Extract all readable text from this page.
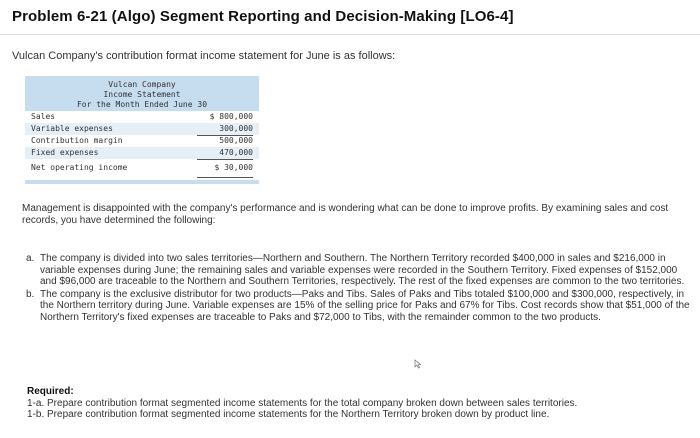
Problem 6-21 (Algo) Segment Reporting and Decision-Making [LO6-4]
Vulcan Company's contribution format income statement for June is as follows:
Vulcan Company
Income Statement
For the Month Ended June 30
Sales	$ 800,000
Variable expenses	300,000
Contribution margin	500,000
Fixed expenses	470,000
Net operating income	$ 30,000
Management is disappointed with the company's performance and is wondering what can be done to improve profits. By examining sales and cost records, you have determined the following:
a. The company is divided into two sales territories—Northern and Southern. The Northern Territory recorded $400,000 in sales and $216,000 in variable expenses during June; the remaining sales and variable expenses were recorded in the Southern Territory. Fixed expenses of $152,000 and $96,000 are traceable to the Northern and Southern Territories, respectively. The rest of the fixed expenses are common to the two territories.
b. The company is the exclusive distributor for two products—Paks and Tibs. Sales of Paks and Tibs totaled $100,000 and $300,000, respectively, in the Northern territory during June. Variable expenses are 15% of the selling price for Paks and 67% for Tibs. Cost records show that $51,000 of the Northern Territory's fixed expenses are traceable to Paks and $72,000 to Tibs, with the remainder common to the two products.
Required:
1-a. Prepare contribution format segmented income statements for the total company broken down between sales territories.
1-b. Prepare contribution format segmented income statements for the Northern Territory broken down by product line.
